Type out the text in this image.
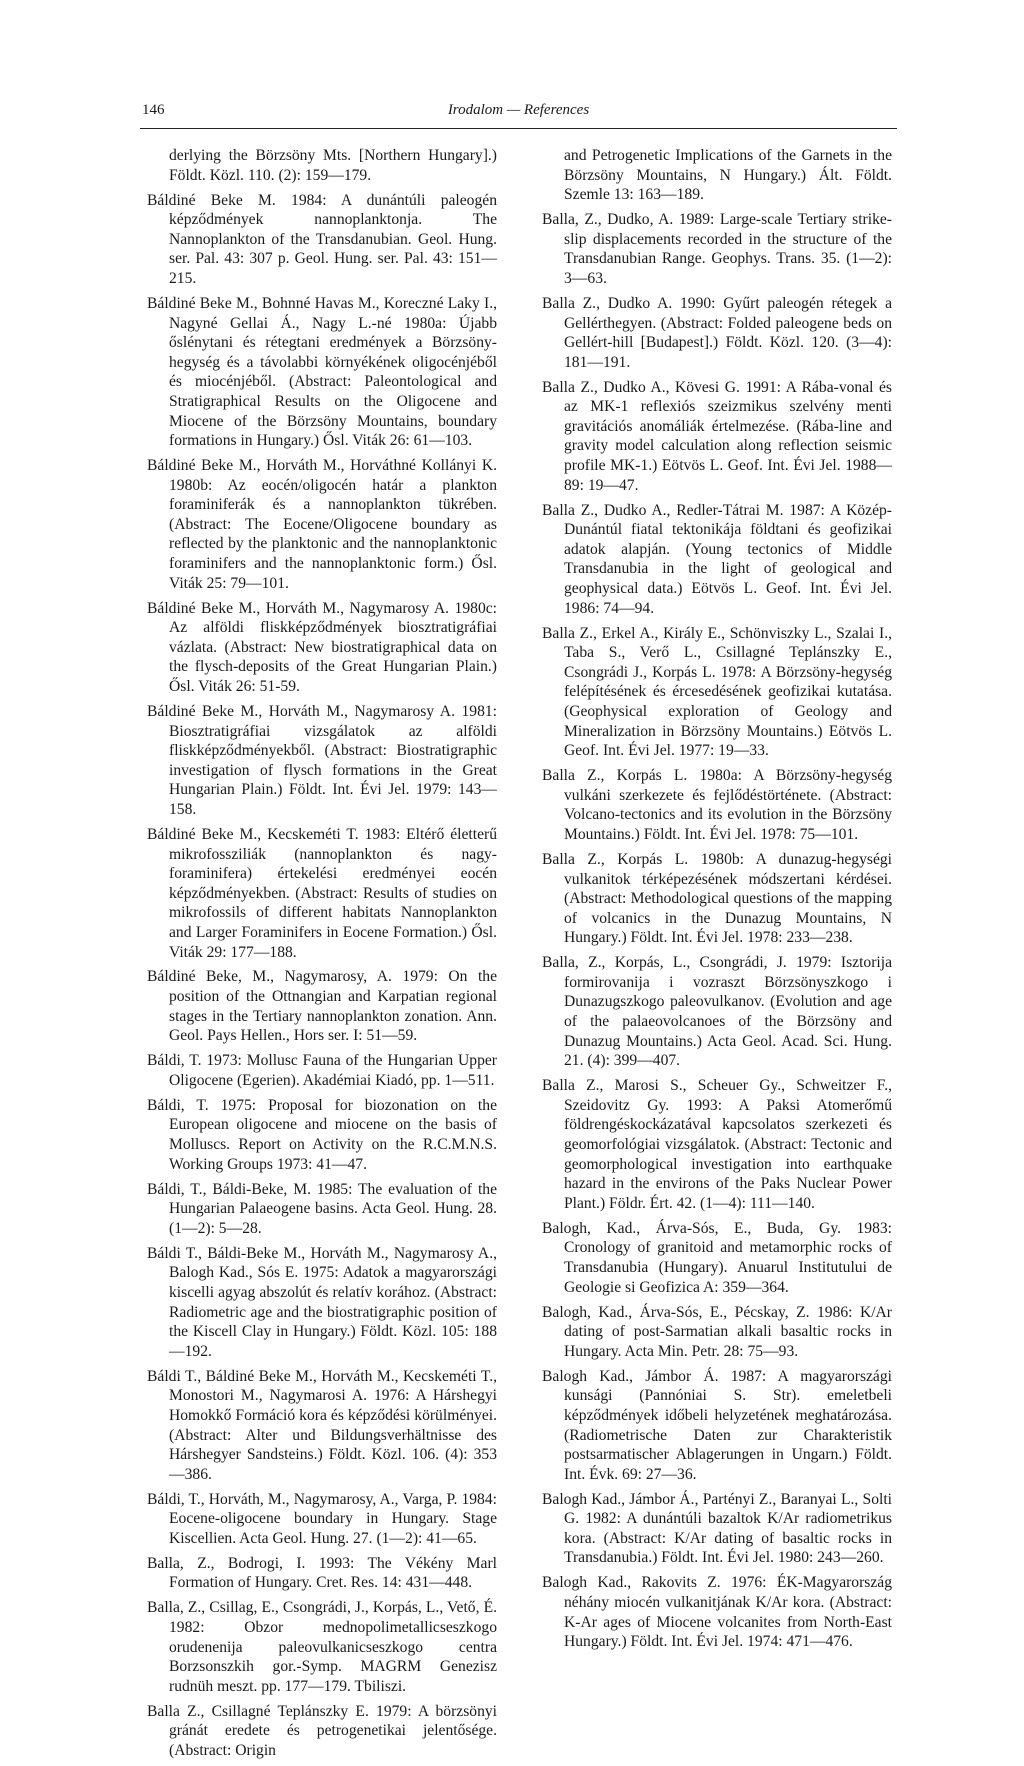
146	Irodalom — References

derlying the Börzsöny Mts. [Northern Hungary].) Földt. Közl. 110. (2): 159—179.

Báldiné Beke M. 1984: A dunántúli paleogén képződmények nannoplanktonja. The Nannoplankton of the Transdanubian. Geol. Hung. ser. Pal. 43: 307 p. Geol. Hung. ser. Pal. 43: 151—215.

Báldiné Beke M., Bohnné Havas M., Koreczné Laky I., Nagyné Gellai Á., Nagy L.-né 1980a: Újabb őslénytani és rétegtani eredmények a Börzsöny-hegység és a távolabbi környékének oligocénjéből és miocénjéből. (Abstract: Paleontological and Stratigraphical Results on the Oligocene and Miocene of the Börzsöny Mountains, boundary formations in Hungary.) Ősl. Viták 26: 61—103.

Báldiné Beke M., Horváth M., Horváthné Kollányi K. 1980b: Az eocén/oligocén határ a plankton foraminiferák és a nannoplankton tükrében. (Abstract: The Eocene/Oligocene boundary as reflected by the planktonic and the nannoplanktonic foraminifers and the nannoplanktonic form.) Ősl. Viták 25: 79—101.

Báldiné Beke M., Horváth M., Nagymarosy A. 1980c: Az alföldi fliskképződmények biosztratigráfiai vázlata. (Abstract: New biostratigraphical data on the flysch-deposits of the Great Hungarian Plain.) Ősl. Viták 26: 51-59.

Báldiné Beke M., Horváth M., Nagymarosy A. 1981: Biosztratigráfiai vizsgálatok az alföldi fliskképződményekből. (Abstract: Biostratigraphic investigation of flysch formations in the Great Hungarian Plain.) Földt. Int. Évi Jel. 1979: 143—158.

Báldiné Beke M., Kecskeméti T. 1983: Eltérő életterű mikrofossziliák (nannoplankton és nagy-foraminifera) értekelési eredményei eocén képződményekben. (Abstract: Results of studies on mikrofossils of different habitats Nannoplankton and Larger Foraminifers in Eocene Formation.) Ősl. Viták 29: 177—188.

Báldiné Beke, M., Nagymarosy, A. 1979: On the position of the Ottnangian and Karpatian regional stages in the Tertiary nannoplankton zonation. Ann. Geol. Pays Hellen., Hors ser. I: 51—59.

Báldi, T. 1973: Mollusc Fauna of the Hungarian Upper Oligocene (Egerien). Akadémiai Kiadó, pp. 1—511.

Báldi, T. 1975: Proposal for biozonation on the European oligocene and miocene on the basis of Molluscs. Report on Activity on the R.C.M.N.S. Working Groups 1973: 41—47.

Báldi, T., Báldi-Beke, M. 1985: The evaluation of the Hungarian Palaeogene basins. Acta Geol. Hung. 28. (1—2): 5—28.

Báldi T., Báldi-Beke M., Horváth M., Nagymarosy A., Balogh Kad., Sós E. 1975: Adatok a magyarországi kiscelli agyag abszolút és relatív korához. (Abstract: Radiometric age and the biostratigraphic position of the Kiscell Clay in Hungary.) Földt. Közl. 105: 188—192.

Báldi T., Báldiné Beke M., Horváth M., Kecskeméti T., Monostori M., Nagymarosi A. 1976: A Hárshegyi Homokkő Formáció kora és képződési körülményei. (Abstract: Alter und Bildungsverhältnisse des Hárshegyer Sandsteins.) Földt. Közl. 106. (4): 353—386.

Báldi, T., Horváth, M., Nagymarosy, A., Varga, P. 1984: Eocene-oligocene boundary in Hungary. Stage Kiscellien. Acta Geol. Hung. 27. (1—2): 41—65.

Balla, Z., Bodrogi, I. 1993: The Vékény Marl Formation of Hungary. Cret. Res. 14: 431—448.

Balla, Z., Csillag, E., Csongrádi, J., Korpás, L., Vető, É. 1982: Obzor mednopolimetallicseszkogo orudenenija paleovulkanicseszkogo centra Borzsonszkih gor.-Symp. MAGRM Genezisz rudnüh meszt. pp. 177—179. Tbiliszi.

Balla Z., Csillagné Teplánszky E. 1979: A börzsönyi gránát eredete és petrogenetikai jelentősége. (Abstract: Origin

and Petrogenetic Implications of the Garnets in the Börzsöny Mountains, N Hungary.) Ált. Földt. Szemle 13: 163—189.

Balla, Z., Dudko, A. 1989: Large-scale Tertiary strike-slip displacements recorded in the structure of the Transdanubian Range. Geophys. Trans. 35. (1—2): 3—63.

Balla Z., Dudko A. 1990: Gyűrt paleogén rétegek a Gellérthegyen. (Abstract: Folded paleogene beds on Gellért-hill [Budapest].) Földt. Közl. 120. (3—4): 181—191.

Balla Z., Dudko A., Kövesi G. 1991: A Rába-vonal és az MK-1 reflexiós szeizmikus szelvény menti gravitációs anomáliák értelmezése. (Rába-line and gravity model calculation along reflection seismic profile MK-1.) Eötvös L. Geof. Int. Évi Jel. 1988—89: 19—47.

Balla Z., Dudko A., Redler-Tátrai M. 1987: A Közép-Dunántúl fiatal tektonikája földtani és geofizikai adatok alapján. (Young tectonics of Middle Transdanubia in the light of geological and geophysical data.) Eötvös L. Geof. Int. Évi Jel. 1986: 74—94.

Balla Z., Erkel A., Király E., Schönviszky L., Szalai I., Taba S., Verő L., Csillagné Teplánszky E., Csongrádi J., Korpás L. 1978: A Börzsöny-hegység felépítésének és ércesedésének geofizikai kutatása. (Geophysical exploration of Geology and Mineralization in Börzsöny Mountains.) Eötvös L. Geof. Int. Évi Jel. 1977: 19—33.

Balla Z., Korpás L. 1980a: A Börzsöny-hegység vulkáni szerkezete és fejlődéstörténete. (Abstract: Volcano-tectonics and its evolution in the Börzsöny Mountains.) Földt. Int. Évi Jel. 1978: 75—101.

Balla Z., Korpás L. 1980b: A dunazug-hegységi vulkanitok térképezésének módszertani kérdései. (Abstract: Methodological questions of the mapping of volcanics in the Dunazug Mountains, N Hungary.) Földt. Int. Évi Jel. 1978: 233—238.

Balla, Z., Korpás, L., Csongrádi, J. 1979: Isztorija formirovanija i vozraszt Börzsönyszkogo i Dunazugszkogo paleovulkanov. (Evolution and age of the palaeovolcanoes of the Börzsöny and Dunazug Mountains.) Acta Geol. Acad. Sci. Hung. 21. (4): 399—407.

Balla Z., Marosi S., Scheuer Gy., Schweitzer F., Szeidovitz Gy. 1993: A Paksi Atomerőmű földrengéskockázatával kapcsolatos szerkezeti és geomorfológiai vizsgálatok. (Abstract: Tectonic and geomorphological investigation into earthquake hazard in the environs of the Paks Nuclear Power Plant.) Földr. Ért. 42. (1—4): 111—140.

Balogh, Kad., Árva-Sós, E., Buda, Gy. 1983: Cronology of granitoid and metamorphic rocks of Transdanubia (Hungary). Anuarul Institutului de Geologie si Geofizica A: 359—364.

Balogh, Kad., Árva-Sós, E., Pécskay, Z. 1986: K/Ar dating of post-Sarmatian alkali basaltic rocks in Hungary. Acta Min. Petr. 28: 75—93.

Balogh Kad., Jámbor Á. 1987: A magyarországi kunsági (Pannóniai S. Str). emeletbeli képződmények időbeli helyzetének meghatározása. (Radiometrische Daten zur Charakteristik postsarmatischer Ablagerungen in Ungarn.) Földt. Int. Évk. 69: 27—36.

Balogh Kad., Jámbor Á., Partényi Z., Baranyai L., Solti G. 1982: A dunántúli bazaltok K/Ar radiometrikus kora. (Abstract: K/Ar dating of basaltic rocks in Transdanubia.) Földt. Int. Évi Jel. 1980: 243—260.

Balogh Kad., Rakovits Z. 1976: ÉK-Magyarország néhány miocén vulkanitjának K/Ar kora. (Abstract: K-Ar ages of Miocene volcanites from North-East Hungary.) Földt. Int. Évi Jel. 1974: 471—476.
